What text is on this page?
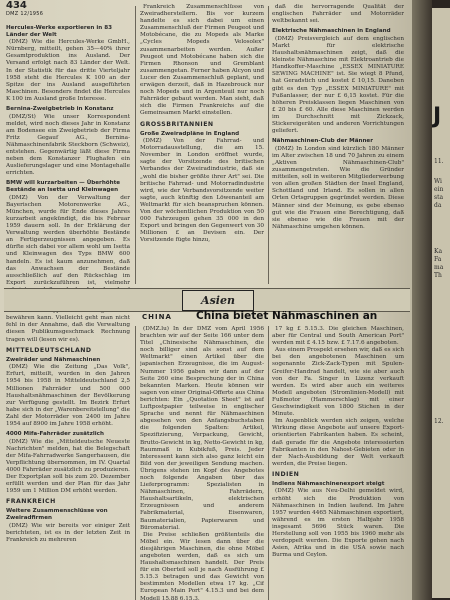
434
DMZ 12/1956
Hercules-Werke exportieren in 83 Länder der Welt

(DMZ) Wie die Hercules-Werke GmbH., Nürnberg, mitteilt, gehen 35—40% ihrer Gesamtproduktion ins Ausland. Der Versand erfolgt nach 83 Länder der Welt. In der Statistik für das dritte Vierteljahr 1958 steht die Hercules K 100 an der Spitze der ins Ausland ausgeführten Maschinen. Besonders findet die Hercules K 100 im Ausland große Interesse.

Bernina-Zweigbetrieb in Konstanz

(DMZ/St) Wie unser Korrespondent meldet, wird noch dieses Jahr in Konstanz am Bodensee ein Zweigbetrieb der Firma Fritz Gegauf AG., Bernina-Nähmaschinenfabrik Steckborn (Schweiz), entstehen. Gegenwärtig läßt diese Firma neben dem Konstanzer Flughafen ein Auslieferungslager und eine Montagehalle errichten.

BMW will kurzarbeiten — Überhöhte Bestände an Isetta und Kleinwagen

(DMZ) Von der Verwaltung der Bayerischen Motorenwerke AG., München, wurde für Ende dieses Jahres kurzarbeit angekündigt, die bis Februar 1959 dauern soll. In der Erklärung der Verwaltung werden überhöhte Bestände an Fertigerzeugnissen angegeben. Es dürfte sich dabei vor allem wohl um Isetta und Kleinwagen des Typs BMW 600 handeln. Es ist kaum anzunehmen, daß das Anwachsen der Bestände ausschließlich auf den Rückschlag im Export zurückzuführen ist, vielmehr bewähren kann. Vielleicht geht man nicht fehl in der Annahme, daß die Verwaltung diesen Publikumsgeschmack Rechnung tragen will (lesen wir es).

MITTELDEUTSCHLAND
Zweiräder und Nähmaschinen

(DMZ) Wie die Zeitung „Das Volk", Erfurt, mitteilt, wurden in den Jahren 1954 bis 1958 in Mitteldeutschland 2,5 Millionen Fahrräder und 500 000 Haushaltsnähmaschinen der Bevölkerung zur Verfügung gestellt. Im Bezirk Erfurt habe sich in der „Warenbereitstellung" die Zahl der Motorräder von 2400 im Jahre 1954 auf 8900 im Jahre 1958 erhöht.

4000 Mifa-Fahrräder zusätzlich

(DMZ) Wie die „Mitteldeutsche Neueste Nachrichten" melden, hat die Belegschaft der Mifa-Fahrradwerke Sangerhausen, die Verpflichtung übernommen, im IV. Quartal 4000 Fahrräder zusätzlich zu produzieren. Der Exportplan soll bis zum 20. Dezember erfüllt werden und der Plan für das Jahr 1959 um 1 Million DM erhöht werden.

FRANKREICH
Weitere Zusammenschlüsse von Zweiradfirmen

(DMZ) Wie wir bereits vor einiger Zeit berichteten, ist es in der letzten Zeit in Frankreich zu mehreren

Frankreich Zusammenschlüsse von Zweiradherstellern. Bis vor kurzem handelte es sich dabei um einen Zusammenschluß der Firmen Peugeot und Motobécane, die zu Mopeds als Marke „Cycles Mopeds Velosolex" zusammenarbeiten werden. Außer Peugeot und Motobécane haben sich die Firmen Rhonson und Gremblant zusammengetan. Ferner haben Alcyon und Lucer den Zusammenschluß geplant, und erwägen derzeit, daß in Hazebrouck nur noch Mopeds und in Argenteuil nur noch Fahrräder gebaut werden. Man sieht, daß sich die Firmen Frankreichs auf die Gemeinsamen Markt einstellen.

GROSSBRITANNIEN
Große Zweiradpläne in England

(DMZ) Von der Fahrrad- und Motorradausstellung, die am 15. November in London eröffnet wurde, sagte der Vorsitzende des britischen Verbandes der Zweiradindustrie, daß sie „wohl die bisher größte ihrer Art" sei. Die britische Fahrrad- und Motorradindustrie wird, wie der Verbandsvorsitzende weiter sagte, auch künftig den Löwenanteil am Weltmarkt für sich beanspruchen können. Von der wöchentlichen Produktion von 50 000 Fahrzeugen gehen 35 000 in den Export und bringen den Gegenwert von 30 Millionen £ an Devisen ein. Der Vorsitzende fügte hinzu,

daß die hervorragende Qualität der englischen Fahrräder und Motorräder weltbekannt sei.

Elektrische Nähmaschinen in England

(DMZ) Preisvergleich auf dem englischen Markt für elektrische Haushaltsnähmaschinen zeigt, daß die kleinste Nähmaschine mit Elektroantrieb die Handkoffer-Maschine „ESSEX MINIATURE SEWING MACHINE" ist. Sie wiegt 8 Pfund, hat Geradstich und kostet £ 10,15. Daneben gibt es den Typ „ESSEX MINIATURE" mit Fußanlasser, der nur £ 6,15 kostet. Für die höheren Preisklassen liegen Maschinen von £ 20 bis £ 60. Alle diese Maschinen werden im Durchschnitt mit Zickzack, Stickereigeräten und anderen Vorrichtungen geliefert.

Nähmaschinen-Club der Männer

(DMZ) In London sind kürzlich 180 Männer im Alter zwischen 18 und 70 Jahren zu einem „Aktiven Nähmaschinen-Club" zusammengetreten. Wie die Gründer mitteilen, soll in weiteren Mitgliederwerbung von allen großen Städten der Insel England, Schottland und Irland. Es sollen in allen Orten Ortsgruppen gegründet werden. Diese Männer sind der Meinung, es gebe ebenso gut wie die Frauen eine Berechtigung, daß sie ebenso wie die Frauen mit der Nähmaschine umgehen können.

Asien
CHINA China bietet Nähmaschinen an

(DMZ.lu) In der DMZ vom April 1956 brachten wir auf der Seite 166 unter dem Titel „Chinesische Nähmaschinen, die noch billiger sind als sonst auf dem Weltmarkt" einen Artikel über die japanischen Erzeugnisse, die im August-Nummer 1956 gaben wir dann auf der Seite 260 eine Besprechung der in China bekannten Marken. Heute können wir sagen von einer Original-Offerte aus China berichten: Ein „Quotation Sheet" ist auf Luftpostpapier teilweise in englischer Sprache und nennt für Nähmaschinen abgesehen von den Anfangsbuchstaben die folgenden Spalten: Artikel, Spezifizierung, Verpackung, Gewicht, Brutto-Gewicht in kg, Netto-Gewicht in kg, Raummaß in Kubikfuß, Preis. Jeder Interessent kann sich also ganz leicht ein Bild von der jeweiligen Sendung machen. Übrigens stehen im Kopf des Angebotes noch folgende Angaben über das Lieferprogramm: Spezialisten in Nähmaschinen, Fahrrädern, Haushaltsartikeln, elektrischen Erzeugnissen und anderem Fabrikmaterial, Eisenwaren, Baumaterialien, Papierwaren und Büromaterial.

Die Preise schließen größtenteils die Möbel ein. Wir lesen dann über die diesjährigen Maschinen, die ohne Möbel angeboten werden, daß es sich um Haushaltsmaschinen handelt. Der Preis für ein Oberteil soll je nach Ausführung £ 5.15.3 betragen und das Gewicht von bestimmten Modellen etwa 17 kg. „Cif European Main Port" 4.15.3 und bei dem Modell 15.88 6.15.3.

17 kg £ 5.15.3. Die gleichen Maschinen, aber für Central und South American Port" werden mit £ 4.15 bzw. £ 7.17.6 angeboten.

Aus einem Prospekt ersehen wir, daß es sich bei den angebotenen Maschinen um sogenannte Zick-Zack-Typen mit Spulen-Greifer-Handrad handelt, wie sie aber auch von der Fa. Singer in Lizenz verkauft werden. Es wird aber auch ein weiteres Modell angeboten (Stromlinien-Modell) mit Fußmotor (Hammerschlag) mit einer Geschwindigkeit von 1800 Stichen in der Minute.

Im Augenblick werden sich zeigen, welche Wirkung diese Angebote auf unsere Export-orientierten Fabrikanten haben. Es scheint, daß gerade für die Angebote interessierten Fabrikanten in den Nahost-Gebieten oder in der Nach-Ausbildung der Welt verkauft werden, die Preise liegen.

INDIEN
Indiens Nähmaschinenexport steigt

(DMZ) Wie aus Neu-Delhi gemeldet wird, erhöht sich die Produktion von Nähmaschinen in Indien laufend. Im Jahre 1957 wurden 4465 Nähmaschinen exportiert, während es im ersten Halbjahr 1958 insgesamt 5696 Stück waren. Die Herstellung soll von 1955 bis 1960 mehr als verdoppelt werden. Die Exporte gehen nach Asien, Afrika und in die USA sowie nach Burma und Ceylon.

J
11.
Wi
ein
sta
da
Ka
Fa
ma
Th
12.
